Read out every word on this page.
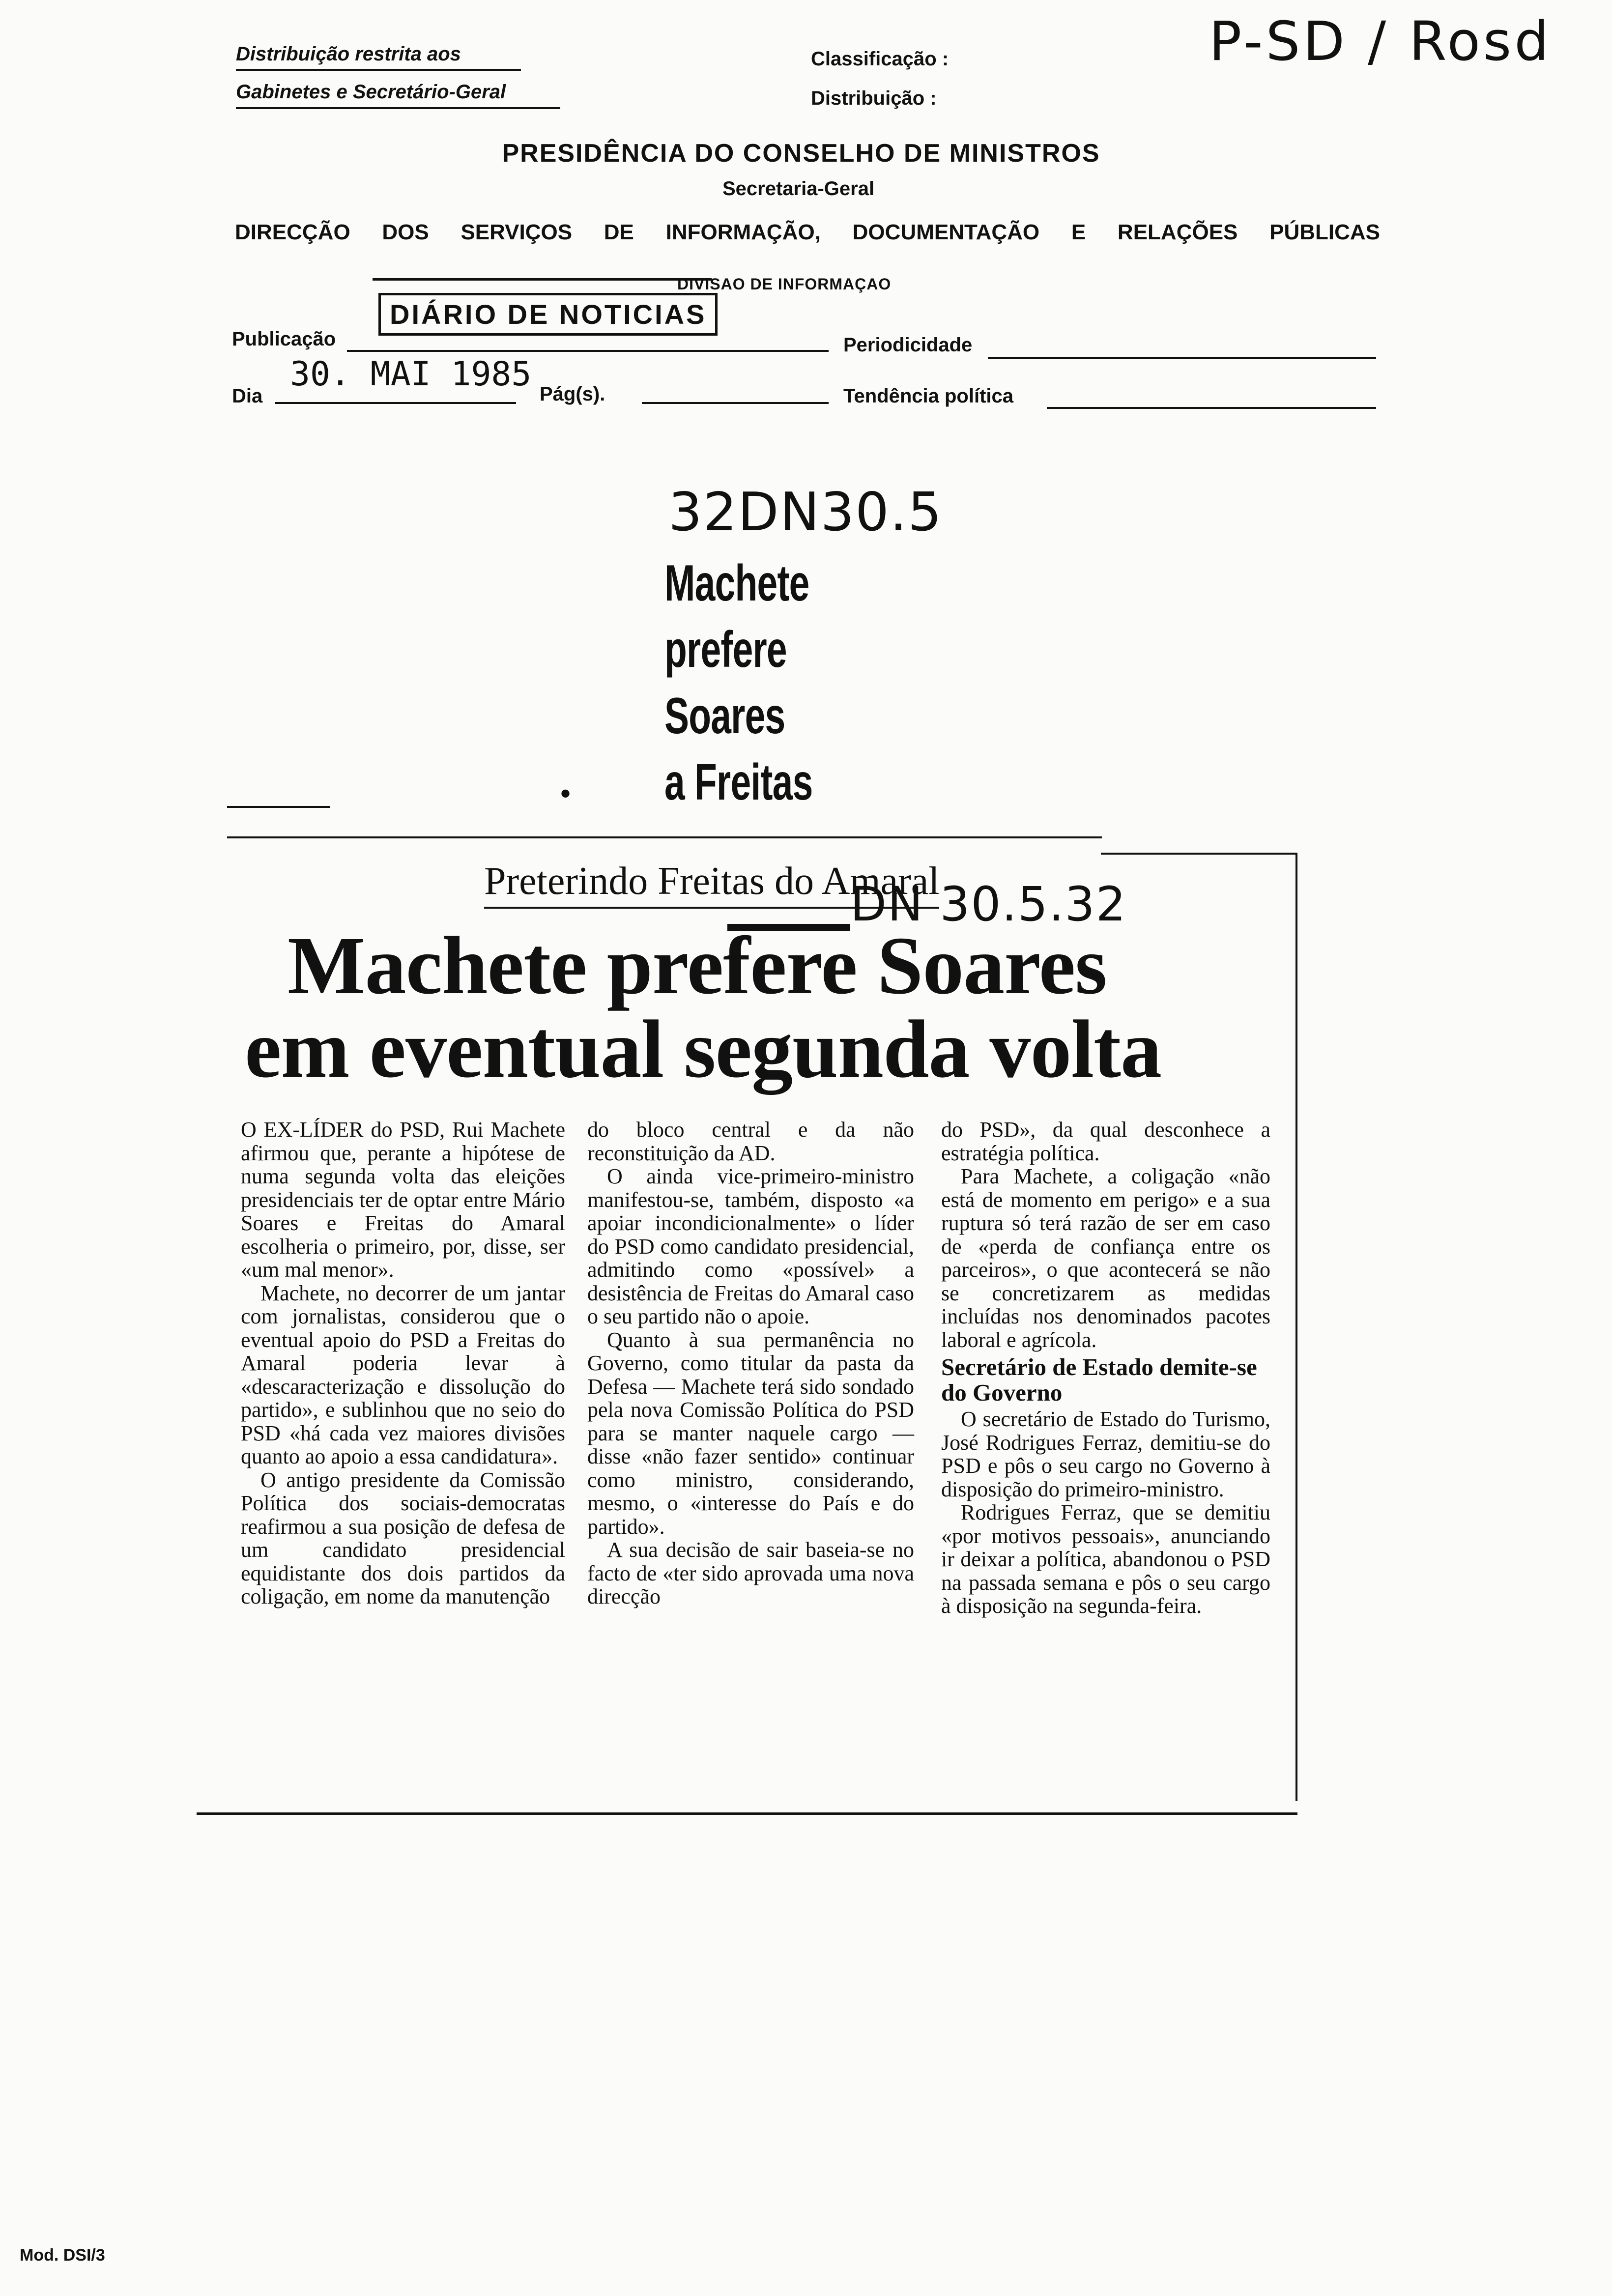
Distribuição restrita aos
Gabinetes e Secretário-Geral
Classificação :
Distribuição :
P-SD / Rosd
PRESIDÊNCIA DO CONSELHO DE MINISTROS
Secretaria-Geral
DIRECÇÃO DOS SERVIÇOS DE INFORMAÇÃO, DOCUMENTAÇÃO E RELAÇÕES PÚBLICAS
DIVISAO DE INFORMAÇAO
DIÁRIO DE NOTICIAS
Publicação	Periodicidade
Dia
30. MAI 1985
Pág(s).	Tendência política
32DN30.5
Machete
prefere
Soares
a Freitas
•
Preterindo Freitas do Amaral
DN 30.5.32
Machete prefere Soares
em eventual segunda volta

O EX-LÍDER do PSD, Rui Machete afirmou que, perante a hipótese de numa segunda volta das eleições presidenciais ter de optar entre Mário Soares e Freitas do Amaral escolheria o primeiro, por, disse, ser «um mal menor».

Machete, no decorrer de um jantar com jornalistas, considerou que o eventual apoio do PSD a Freitas do Amaral poderia levar à «descaracterização e dissolução do partido», e sublinhou que no seio do PSD «há cada vez maiores divisões quanto ao apoio a essa candidatura».

O antigo presidente da Comissão Política dos sociais-democratas reafirmou a sua posição de defesa de um candidato presidencial equidistante dos dois partidos da coligação, em nome da manutenção

do bloco central e da não reconstituição da AD.

O ainda vice-primeiro-ministro manifestou-se, também, disposto «a apoiar incondicionalmente» o líder do PSD como candidato presidencial, admitindo como «possível» a desistência de Freitas do Amaral caso o seu partido não o apoie.

Quanto à sua permanência no Governo, como titular da pasta da Defesa — Machete terá sido sondado pela nova Comissão Política do PSD para se manter naquele cargo — disse «não fazer sentido» continuar como ministro, considerando, mesmo, o «interesse do País e do partido».

A sua decisão de sair baseia-se no facto de «ter sido aprovada uma nova direcção

do PSD», da qual desconhece a estratégia política.

Para Machete, a coligação «não está de momento em perigo» e a sua ruptura só terá razão de ser em caso de «perda de confiança entre os parceiros», o que acontecerá se não se concretizarem as medidas incluídas nos denominados pacotes laboral e agrícola.

Secretário de Estado demite-se do Governo

O secretário de Estado do Turismo, José Rodrigues Ferraz, demitiu-se do PSD e pôs o seu cargo no Governo à disposição do primeiro-ministro.

Rodrigues Ferraz, que se demitiu «por motivos pessoais», anunciando ir deixar a política, abandonou o PSD na passada semana e pôs o seu cargo à disposição na segunda-feira.

Mod. DSI/3
